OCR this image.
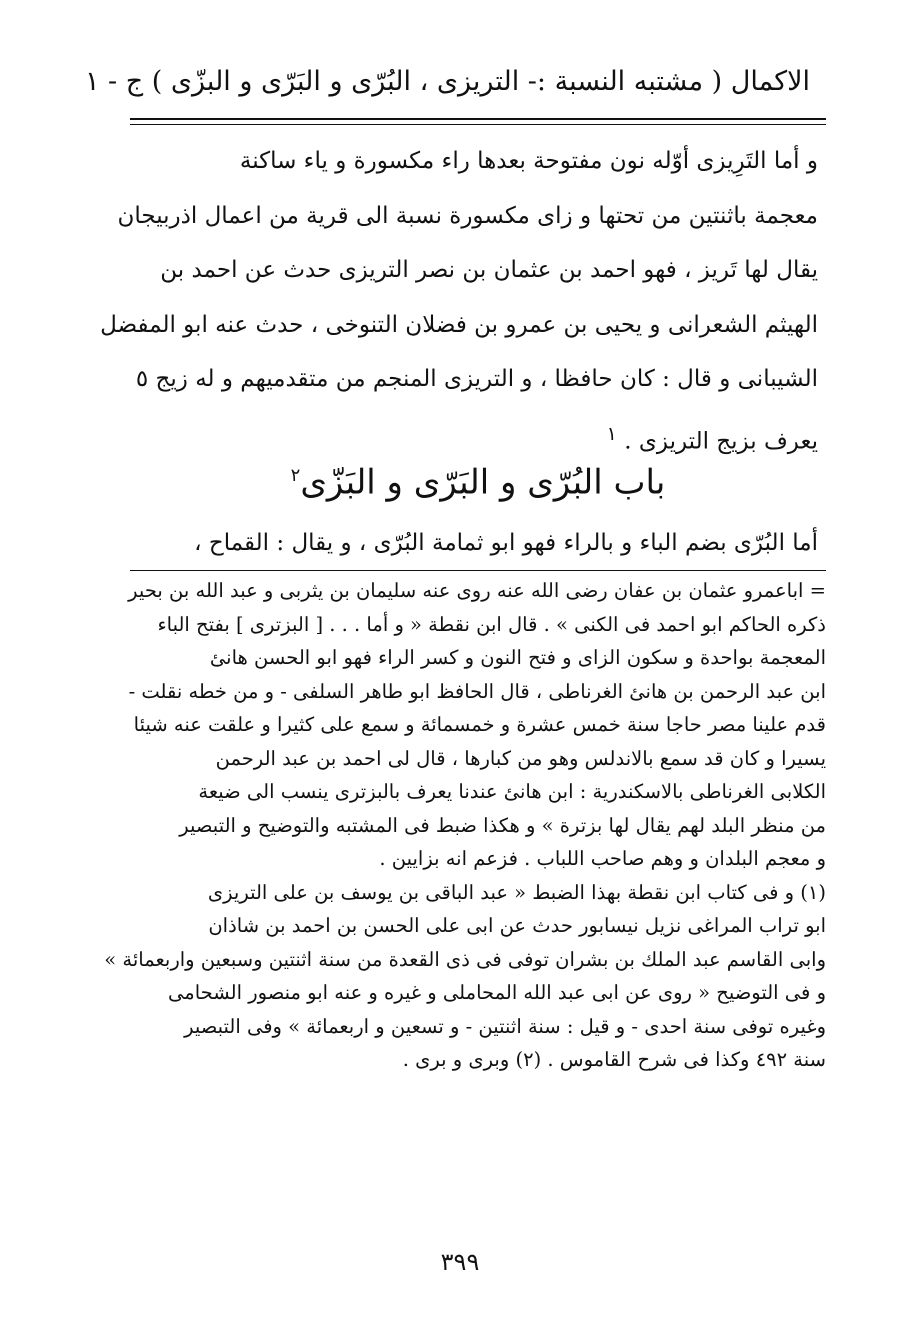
الاكمال ( مشتبه النسبة :- التريزى ، البُرّى و البَرّى و البزّى ) ج - ١
و أما التَرِيزى أوّله نون مفتوحة بعدها راء مكسورة و ياء ساكنة
معجمة باثنتين من تحتها و زاى مكسورة نسبة الى قرية من اعمال اذربيجان
يقال لها تَريز ، فهو احمد بن عثمان بن نصر التريزى حدث عن احمد بن
الهيثم الشعرانى و يحيى بن عمرو بن فضلان التنوخى ، حدث عنه ابو المفضل
الشيبانى و قال : كان حافظا ، و التريزى المنجم من متقدميهم و له زيج ٥
يعرف بزيج التريزى . $^١$
باب البُرّى و البَرّى و البَزّى$^٢$
أما البُرّى بضم الباء و بالراء فهو ابو ثمامة البُرّى ، و يقال : القماح ،
= اباعمرو عثمان بن عفان رضى الله عنه روى عنه سليمان بن يثربى و عبد الله بن بحير
ذكره الحاكم ابو احمد فى الكنى » . قال ابن نقطة « و أما . . . [ البزترى ] بفتح الباء
المعجمة بواحدة و سكون الزاى و فتح النون و كسر الراء فهو ابو الحسن هانئ
ابن عبد الرحمن بن هانئ الغرناطى ، قال الحافظ ابو طاهر السلفى - و من خطه نقلت -
قدم علينا مصر حاجا سنة خمس عشرة و خمسمائة و سمع على كثيرا و علقت عنه شيئا
يسيرا و كان قد سمع بالاندلس وهو من كبارها ، قال لى احمد بن عبد الرحمن
الكلابى الغرناطى بالاسكندرية : ابن هانئ عندنا يعرف بالبزترى ينسب الى ضيعة
من منظر البلد لهم يقال لها بزترة » و هكذا ضبط فى المشتبه والتوضيح و التبصير
و معجم البلدان و وهم صاحب اللباب . فزعم انه بزايين .
(١) و فى كتاب ابن نقطة بهذا الضبط « عبد الباقى بن يوسف بن على التريزى
ابو تراب المراغى نزيل نيسابور حدث عن ابى على الحسن بن احمد بن شاذان
وابى القاسم عبد الملك بن بشران توفى فى ذى القعدة من سنة اثنتين وسبعين واربعمائة »
و فى التوضيح « روى عن ابى عبد الله المحاملى و غيره و عنه ابو منصور الشحامى
وغيره توفى سنة احدى - و قيل : سنة اثنتين - و تسعين و اربعمائة » وفى التبصير
سنة ٤٩٢ وكذا فى شرح القاموس . (٢) وبرى و برى .
٣٩٩
